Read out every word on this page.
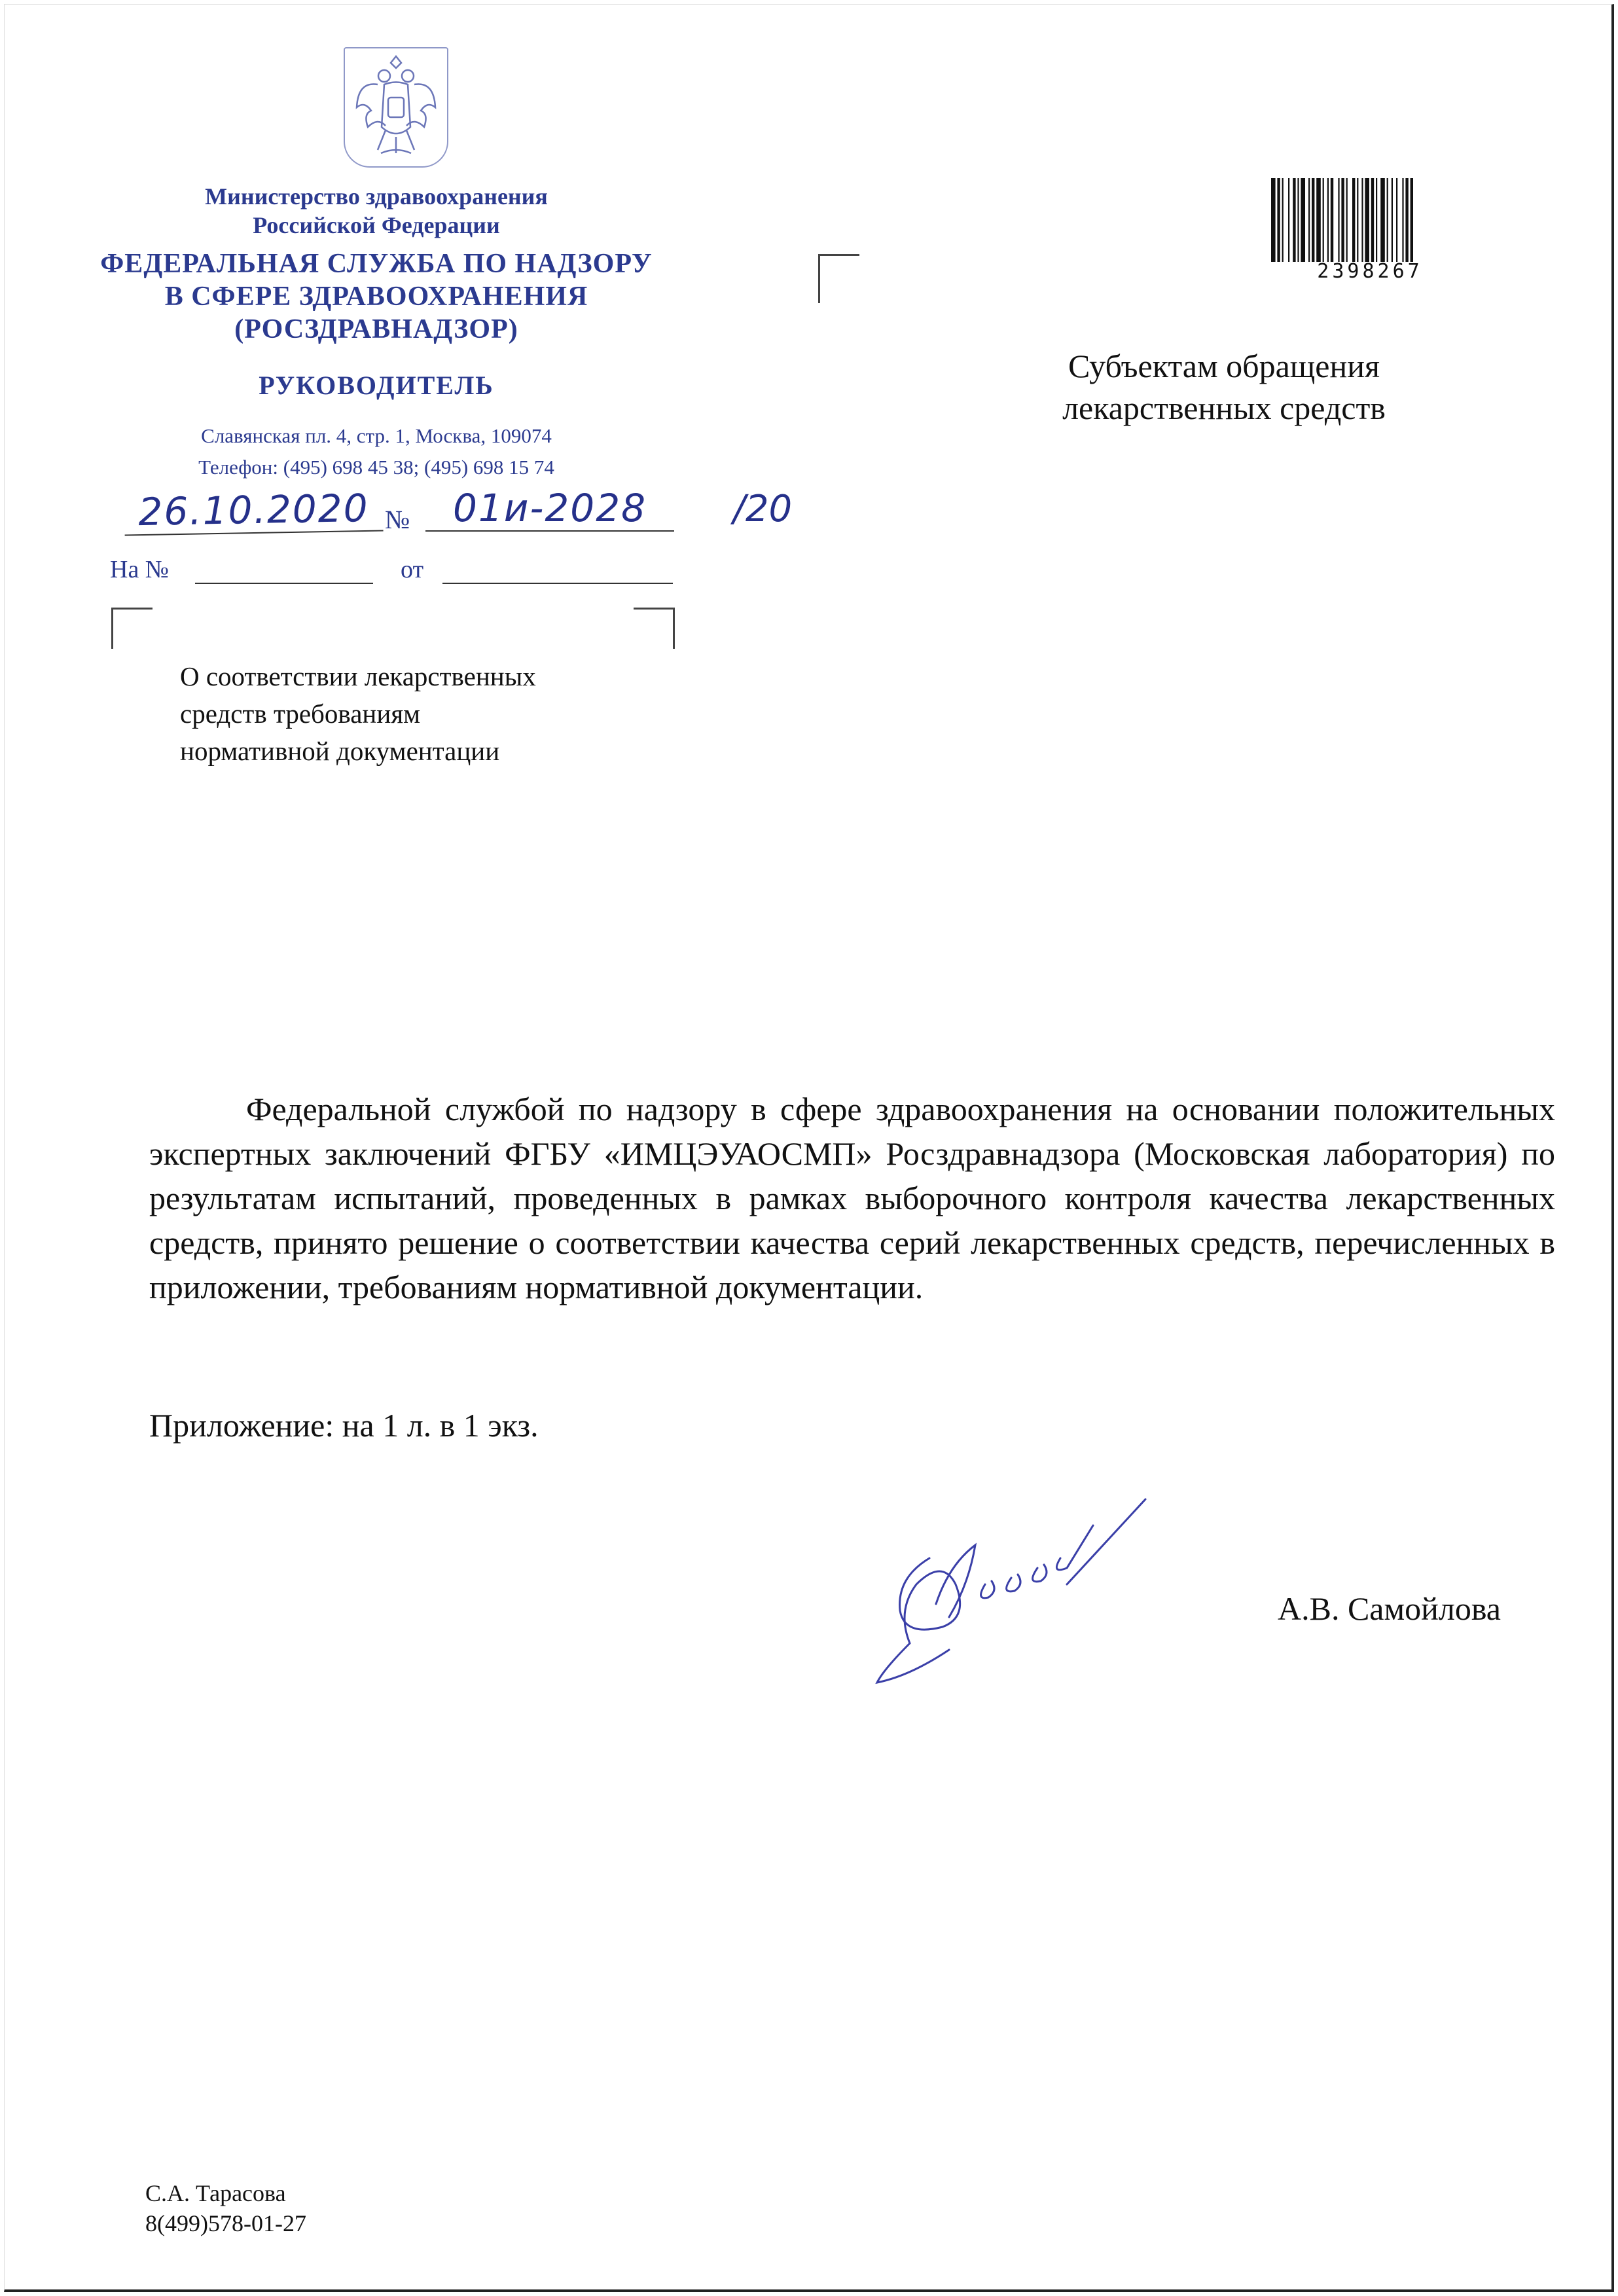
Министерство здравоохранения
Российской Федерации
ФЕДЕРАЛЬНАЯ СЛУЖБА ПО НАДЗОРУ
В СФЕРЕ ЗДРАВООХРАНЕНИЯ
(РОСЗДРАВНАДЗОР)
РУКОВОДИТЕЛЬ
Славянская пл. 4, стр. 1, Москва, 109074
Телефон: (495) 698 45 38; (495) 698 15 74
26.10.2020 №	01и-2028	/20
На №	от
О соответствии лекарственных
средств требованиям
нормативной документации
2398267
Субъектам обращения
лекарственных средств
Федеральной службой по надзору в сфере здравоохранения на основании положительных экспертных заключений ФГБУ «ИМЦЭУАОСМП» Росздравнадзора (Московская лаборатория) по результатам испытаний, проведенных в рамках выборочного контроля качества лекарственных средств, принято решение о соответствии качества серий лекарственных средств, перечисленных в приложении, требованиям нормативной документации.
Приложение: на 1 л. в 1 экз.
А.В. Самойлова
С.А. Тарасова
8(499)578-01-27
